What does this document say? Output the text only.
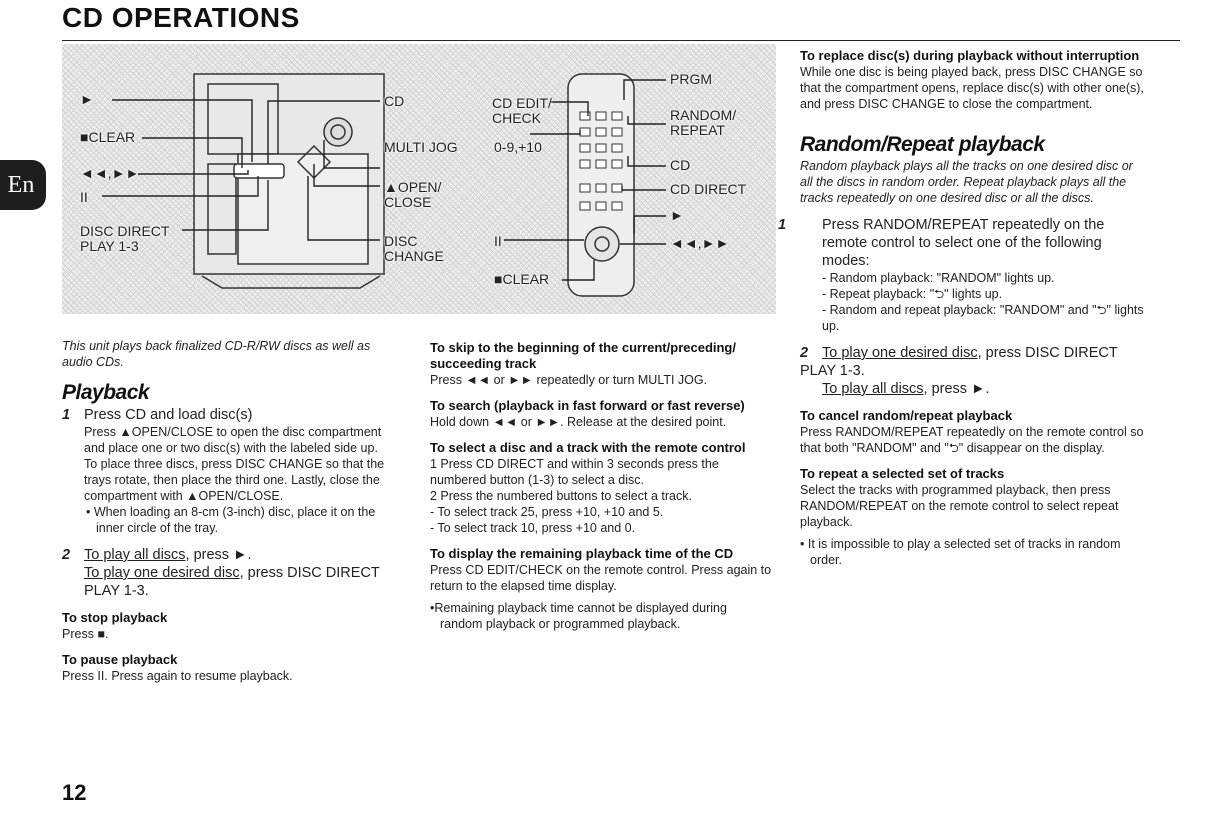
CD OPERATIONS
En
►
■CLEAR
◄◄,►►
II
DISC DIRECT
PLAY 1-3
CD
MULTI JOG
▲OPEN/
CLOSE
DISC
CHANGE
CD EDIT/
CHECK
0-9,+10
II
■CLEAR
PRGM
RANDOM/
REPEAT
CD
CD DIRECT
►
◄◄,►►

This unit plays back finalized CD-R/RW discs as well as audio CDs.

Playback

1 Press CD and load disc(s)

Press ▲OPEN/CLOSE to open the disc compartment and place one or two disc(s) with the labeled side up.

To place three discs, press DISC CHANGE so that the trays rotate, then place the third one. Lastly, close the compartment with ▲OPEN/CLOSE.

• When loading an 8-cm (3-inch) disc, place it on the inner circle of the tray.

2 To play all discs, press ►.

To play one desired disc, press DISC DIRECT PLAY 1-3.

To stop playback

Press ■.

To pause playback

Press II. Press again to resume playback.

To skip to the beginning of the current/preceding/ succeeding track

Press ◄◄ or ►► repeatedly or turn MULTI JOG.

To search (playback in fast forward or fast reverse)

Hold down ◄◄ or ►►. Release at the desired point.

To select a disc and a track with the remote control

1 Press CD DIRECT and within 3 seconds press the numbered button (1-3) to select a disc.

2 Press the numbered buttons to select a track.

- To select track 25, press +10, +10 and 5.

- To select track 10, press +10 and 0.

To display the remaining playback time of the CD

Press CD EDIT/CHECK on the remote control. Press again to return to the elapsed time display.

•Remaining playback time cannot be displayed during random playback or programmed playback.

To replace disc(s) during playback without interruption

While one disc is being played back, press DISC CHANGE so that the compartment opens, replace disc(s) with other one(s), and press DISC CHANGE to close the compartment.

Random/Repeat playback

Random playback plays all the tracks on one desired disc or all the discs in random order. Repeat playback plays all the tracks repeatedly on one desired disc or all the discs.

1 Press RANDOM/REPEAT repeatedly on the remote control to select one of the following modes:

- Random playback: "RANDOM" lights up.

- Repeat playback: "⮌" lights up.

- Random and repeat playback: "RANDOM" and "⮌" lights up.

2 To play one desired disc, press DISC DIRECT PLAY 1-3.

To play all discs, press ►.

To cancel random/repeat playback

Press RANDOM/REPEAT repeatedly on the remote control so that both "RANDOM" and "⮌" disappear on the display.

To repeat a selected set of tracks

Select the tracks with programmed playback, then press RANDOM/REPEAT on the remote control to select repeat playback.

• It is impossible to play a selected set of tracks in random order.

12
